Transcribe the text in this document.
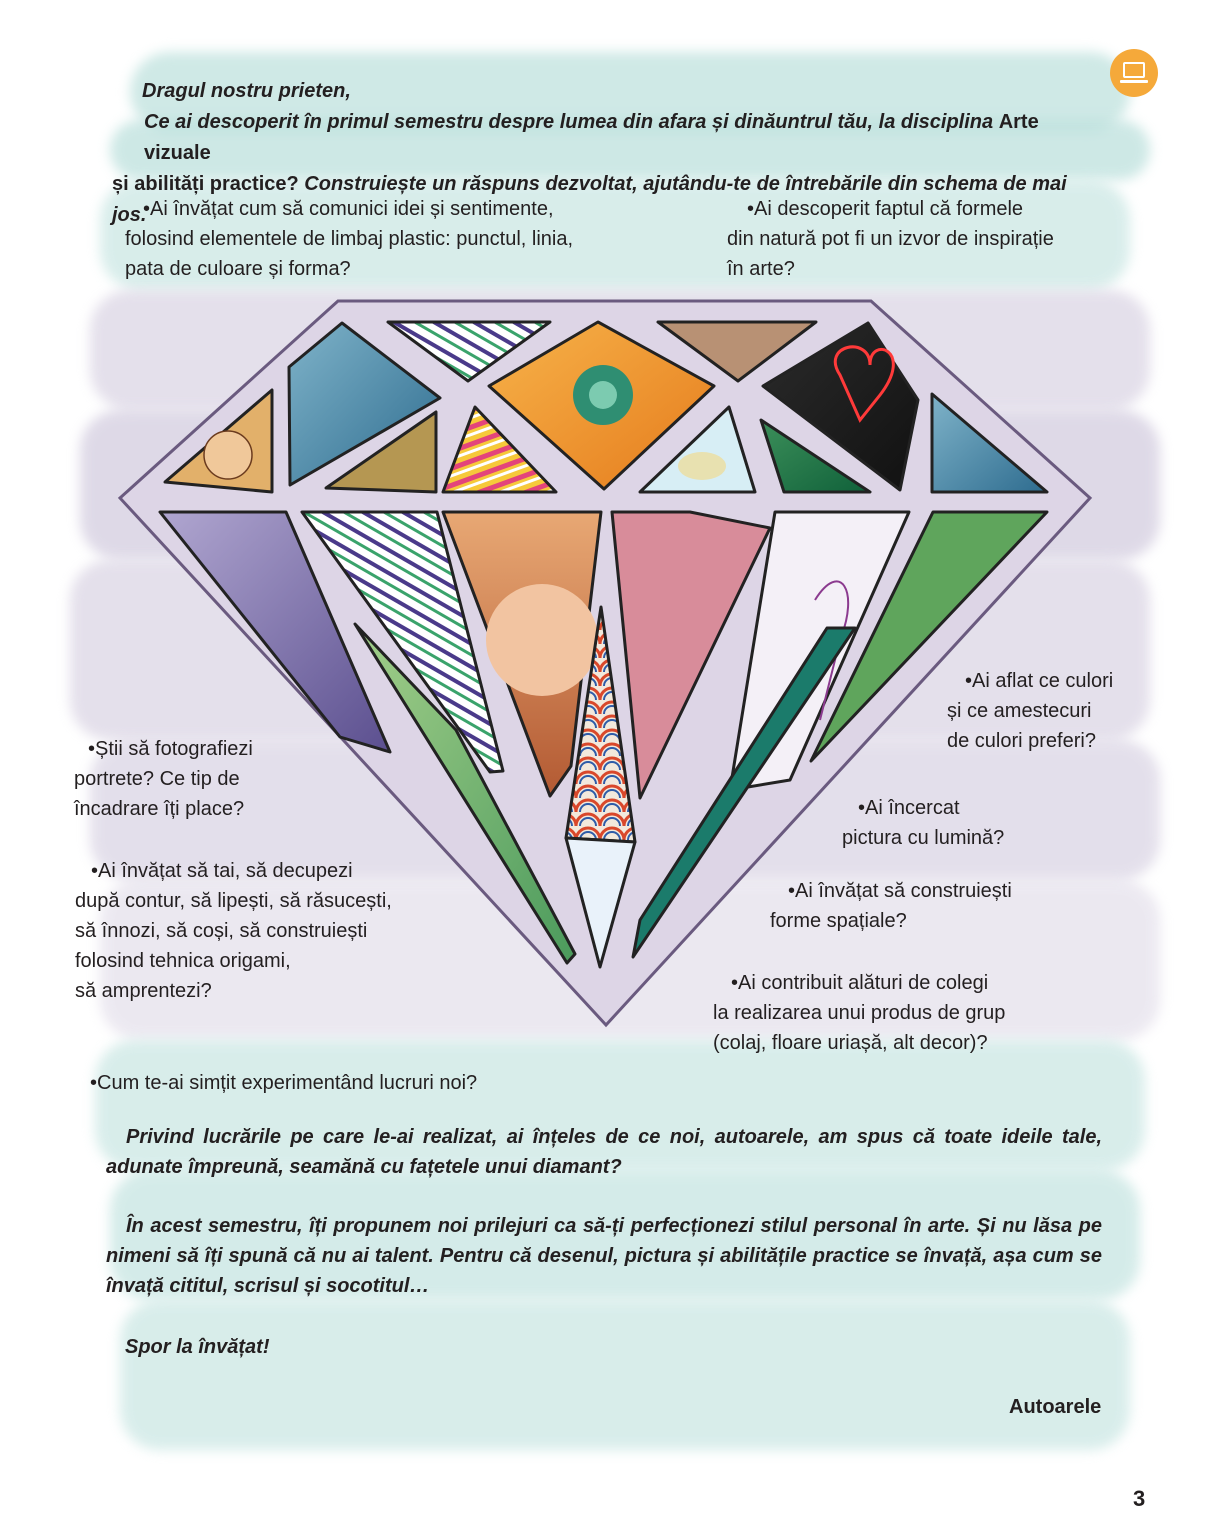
Dragul nostru prieten,

Ce ai descoperit în primul semestru despre lumea din afara și dinăuntrul tău, la disciplina Arte vizuale

și abilități practice? Construiește un răspuns dezvoltat, ajutându-te de întrebările din schema de mai jos. • Ai învățat cum să comunici idei și sentimente,
folosind elementele de limbaj plastic: punctul, linia,
pata de culoare și forma?
• Ai descoperit faptul că formele
din natură pot fi un izvor de inspirație
în arte?
• Ai aflat ce culori
și ce amestecuri
de culori preferi?
• Știi să fotografiezi
portrete? Ce tip de
încadrare îți place? •	Ai încercat
pictura cu lumină?
• Ai învățat să tai, să decupezi
după contur, să lipești, să răsucești,
să înnozi, să coși, să construiești
folosind tehnica origami,
să amprentezi?
• Ai învățat să construiești
forme spațiale?
• Ai contribuit alături de colegi
la realizarea unui produs de grup
(colaj, floare uriașă, alt decor)?
• Cum te-ai simțit experimentând lucruri noi?
Privind lucrările pe care le-ai realizat, ai înțeles de ce noi, autoarele, am spus că toate ideile tale, adunate împreună, seamănă cu fațetele unui diamant?
În acest semestru, îți propunem noi prilejuri ca să-ți perfecționezi stilul personal în arte. Și nu lăsa pe nimeni să îți spună că nu ai talent. Pentru că desenul, pictura și abilitățile practice se învață, așa cum se învață cititul, scrisul și socotitul…
Spor la învățat!
Autoarele
3
